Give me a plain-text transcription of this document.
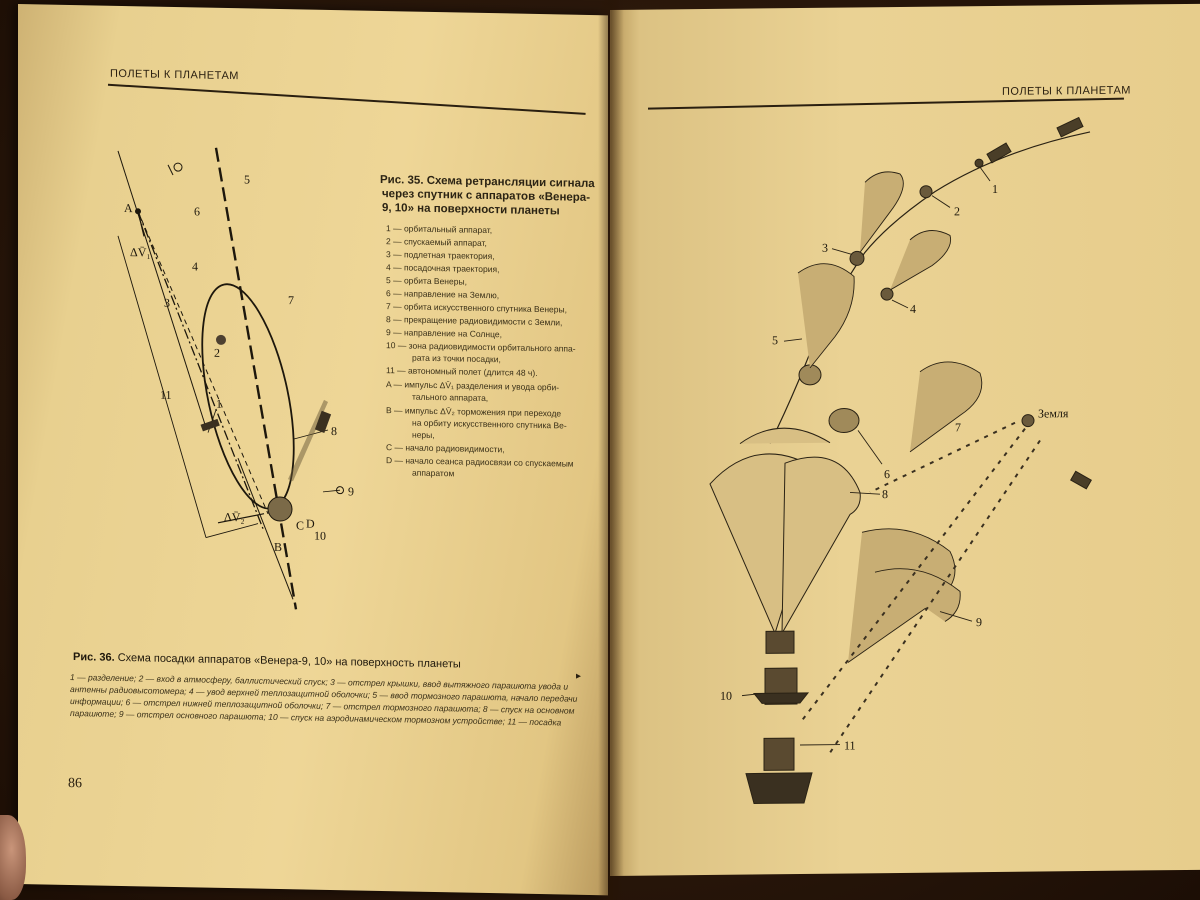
ПОЛЕТЫ К ПЛАНЕТАМ
5
6
A
ΔV̄₁
4
3	7
2
11
1
8
9
ΔV̄₂
C D
10
B
Рис. 35. Схема ретрансляции сигнала
через спутник с аппаратов «Венера-
9, 10» на поверхности планеты
1 — орбитальный аппарат,
2 — спускаемый аппарат,
3 — подлетная траектория,
4 — посадочная траектория,
5 — орбита Венеры,
6 — направление на Землю,
7 — орбита искусственного спутника Венеры,
8 — прекращение радиовидимости с Земли,
9 — направление на Солнце,
10 — зона радиовидимости орбитального аппа-
рата из точки посадки,
11 — автономный полет (длится 48 ч).
A — импульс ΔV̄₁ разделения и увода орби-
тального аппарата,
B — импульс ΔV̄₂ торможения при переходе
на орбиту искусственного спутника Ве-
неры,
C — начало радиовидимости,
D — начало сеанса радиосвязи со спускаемым
аппаратом
Рис. 36. Схема посадки аппаратов «Венера-9, 10» на поверхность планеты
▸
1 — разделение; 2 — вход в атмосферу, баллистический спуск; 3 — отстрел крышки, ввод вытяжного парашюта увода и антенны радиовысотомера; 4 — увод верхней теплозащитной оболочки; 5 — ввод тормозного парашюта, начало передачи информации; 6 — отстрел нижней теплозащитной оболочки; 7 — отстрел тормозного парашюта; 8 — спуск на основном парашюте; 9 — отстрел основного парашюта; 10 — спуск на аэродинамическом тормозном устройстве; 11 — посадка
86
ПОЛЕТЫ К ПЛАНЕТАМ
1
2
3
4
5
6
7
8
9
10
11
Земля
